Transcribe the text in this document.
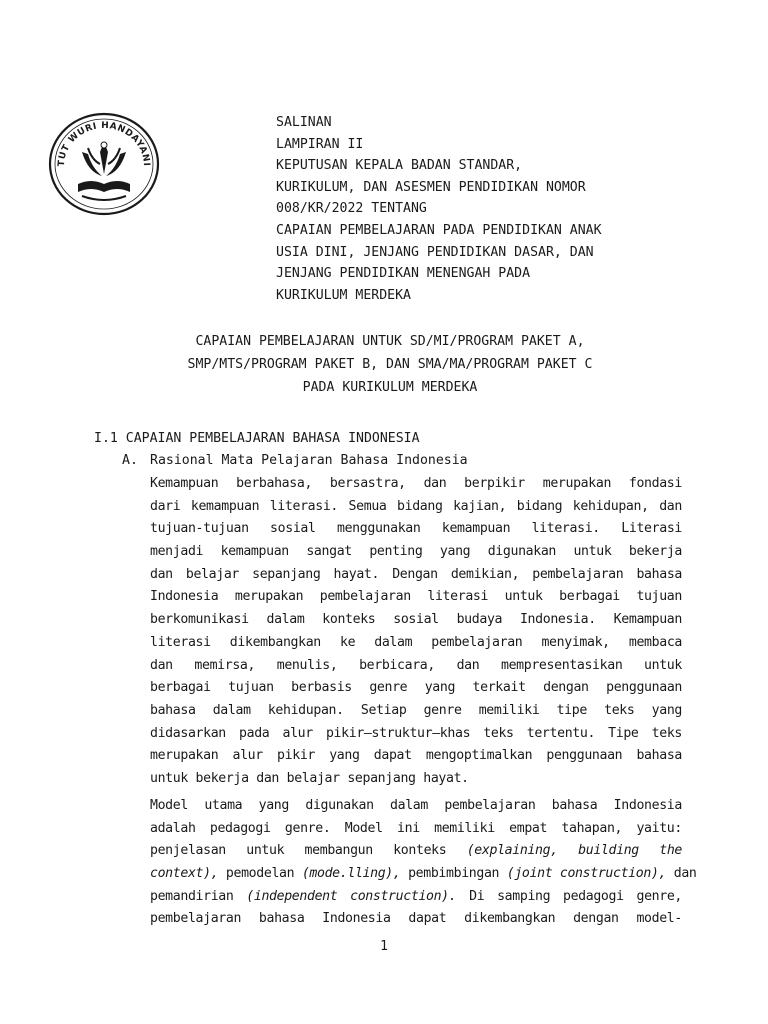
TUT WURI HANDAYANI
SALINAN
LAMPIRAN II
KEPUTUSAN KEPALA BADAN STANDAR,
KURIKULUM, DAN ASESMEN PENDIDIKAN NOMOR
008/KR/2022 TENTANG
CAPAIAN PEMBELAJARAN PADA PENDIDIKAN ANAK
USIA DINI, JENJANG PENDIDIKAN DASAR, DAN
JENJANG PENDIDIKAN MENENGAH PADA
KURIKULUM MERDEKA
CAPAIAN PEMBELAJARAN UNTUK SD/MI/PROGRAM PAKET A,
SMP/MTS/PROGRAM PAKET B, DAN SMA/MA/PROGRAM PAKET C
PADA KURIKULUM MERDEKA
I.1 CAPAIAN PEMBELAJARAN BAHASA INDONESIA
A. Rasional Mata Pelajaran Bahasa Indonesia
Kemampuan berbahasa, bersastra, dan berpikir merupakan fondasi
dari kemampuan literasi. Semua bidang kajian, bidang kehidupan, dan
tujuan-tujuan sosial menggunakan kemampuan literasi. Literasi
menjadi kemampuan sangat penting yang digunakan untuk bekerja
dan belajar sepanjang hayat. Dengan demikian, pembelajaran bahasa
Indonesia merupakan pembelajaran literasi untuk berbagai tujuan
berkomunikasi dalam konteks sosial budaya Indonesia. Kemampuan
literasi dikembangkan ke dalam pembelajaran menyimak, membaca
dan memirsa, menulis, berbicara, dan mempresentasikan untuk
berbagai tujuan berbasis genre yang terkait dengan penggunaan
bahasa dalam kehidupan. Setiap genre memiliki tipe teks yang
didasarkan pada alur pikir—struktur—khas teks tertentu. Tipe teks
merupakan alur pikir yang dapat mengoptimalkan penggunaan bahasa
untuk bekerja dan belajar sepanjang hayat.
Model utama yang digunakan dalam pembelajaran bahasa Indonesia
adalah pedagogi genre. Model ini memiliki empat tahapan, yaitu:
penjelasan untuk membangun konteks (explaining, building the
context), pemodelan (mode.lling), pembimbingan (joint construction), dan
pemandirian (independent construction). Di samping pedagogi genre,
pembelajaran bahasa Indonesia dapat dikembangkan dengan model-
1
